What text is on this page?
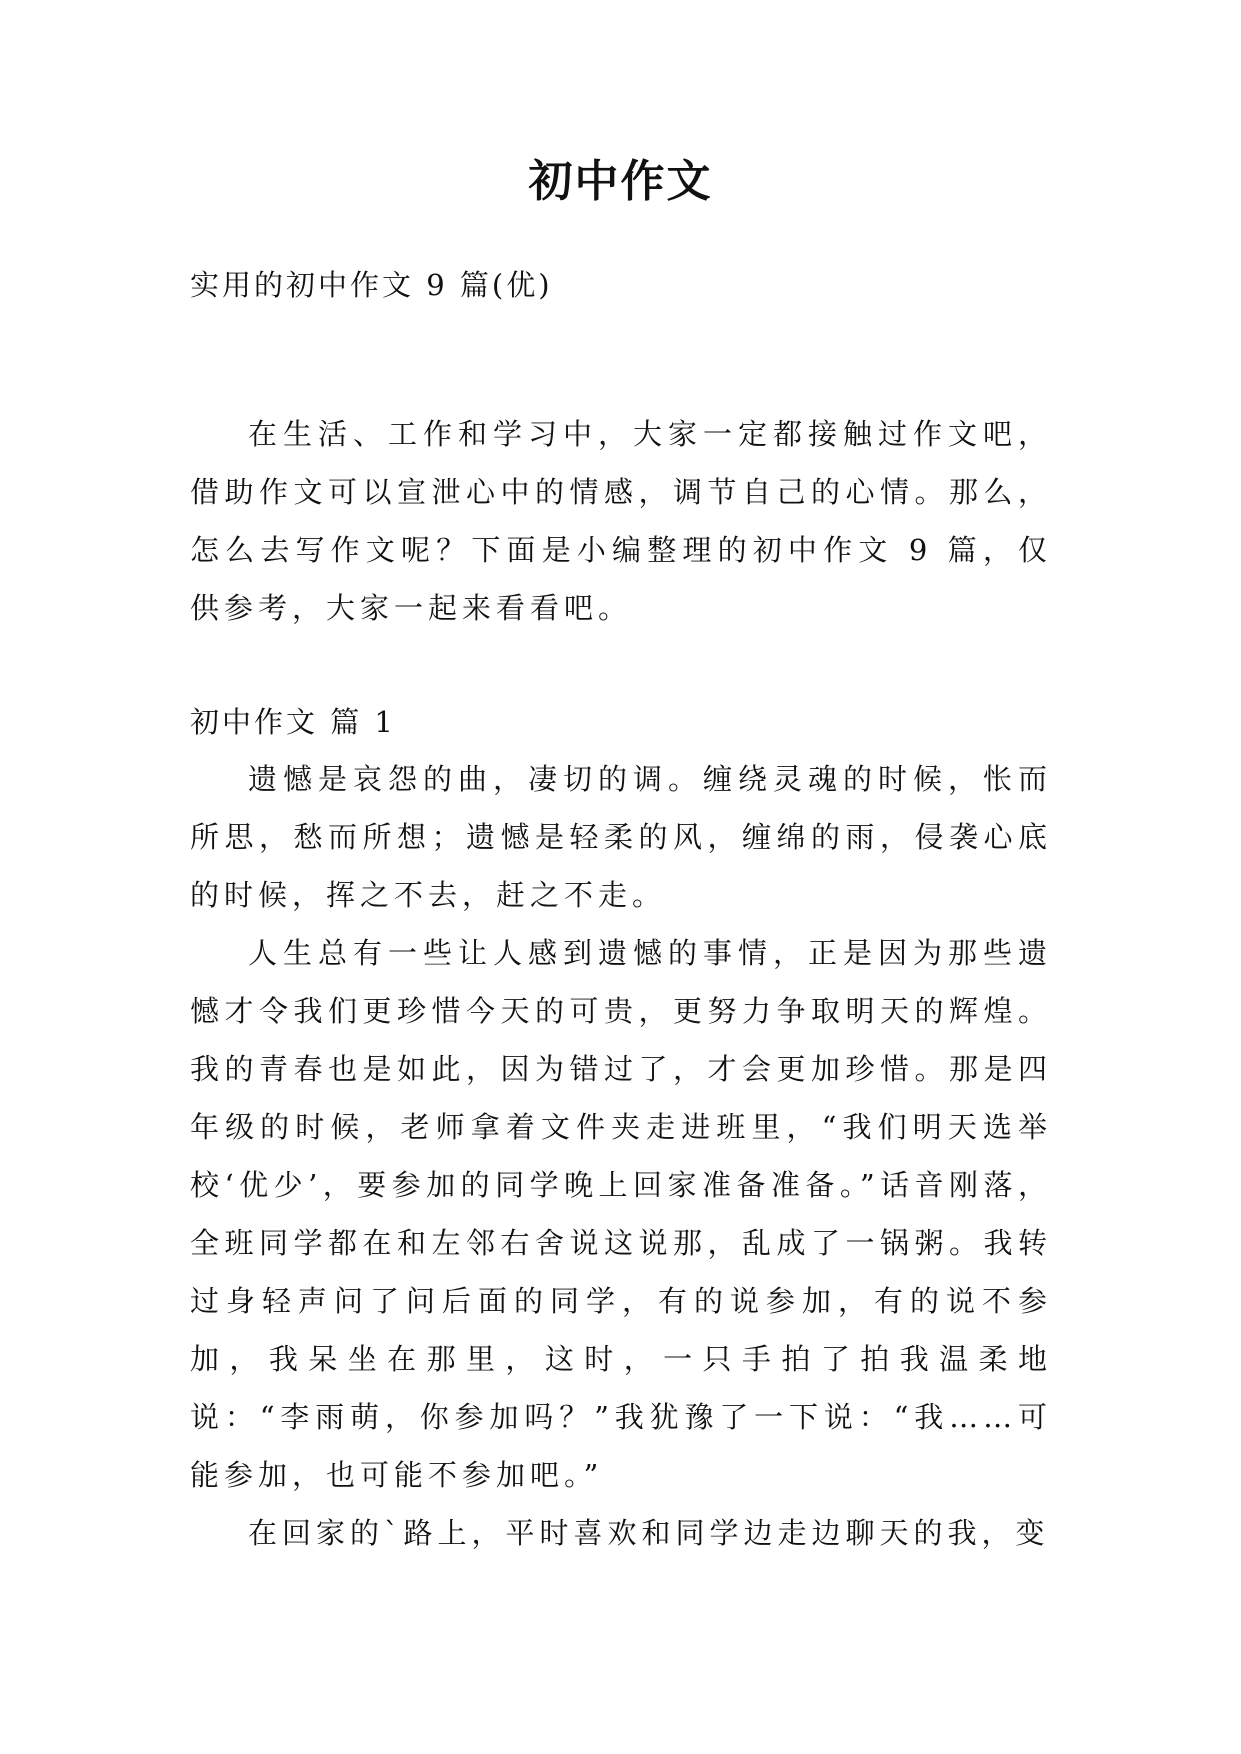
初中作文
实用的初中作文 9 篇(优)

在生活、工作和学习中，大家一定都接触过作文吧，借助作文可以宣泄心中的情感，调节自己的心情。那么，怎么去写作文呢？下面是小编整理的初中作文 9 篇，仅供参考，大家一起来看看吧。

初中作文 篇 1

遗憾是哀怨的曲，凄切的调。缠绕灵魂的时候，怅而所思，愁而所想；遗憾是轻柔的风，缠绵的雨，侵袭心底的时候，挥之不去，赶之不走。

人生总有一些让人感到遗憾的事情，正是因为那些遗憾才令我们更珍惜今天的可贵，更努力争取明天的辉煌。我的青春也是如此，因为错过了，才会更加珍惜。那是四年级的时候，老师拿着文件夹走进班里，“我们明天选举校‘优少’，要参加的同学晚上回家准备准备。”话音刚落，全班同学都在和左邻右舍说这说那，乱成了一锅粥。我转过身轻声问了问后面的同学，有的说参加，有的说不参加，我呆坐在那里，这时，一只手拍了拍我温柔地说：“李雨萌，你参加吗？”我犹豫了一下说：“我……可能参加，也可能不参加吧。”

在回家的`路上，平时喜欢和同学边走边聊天的我，变
